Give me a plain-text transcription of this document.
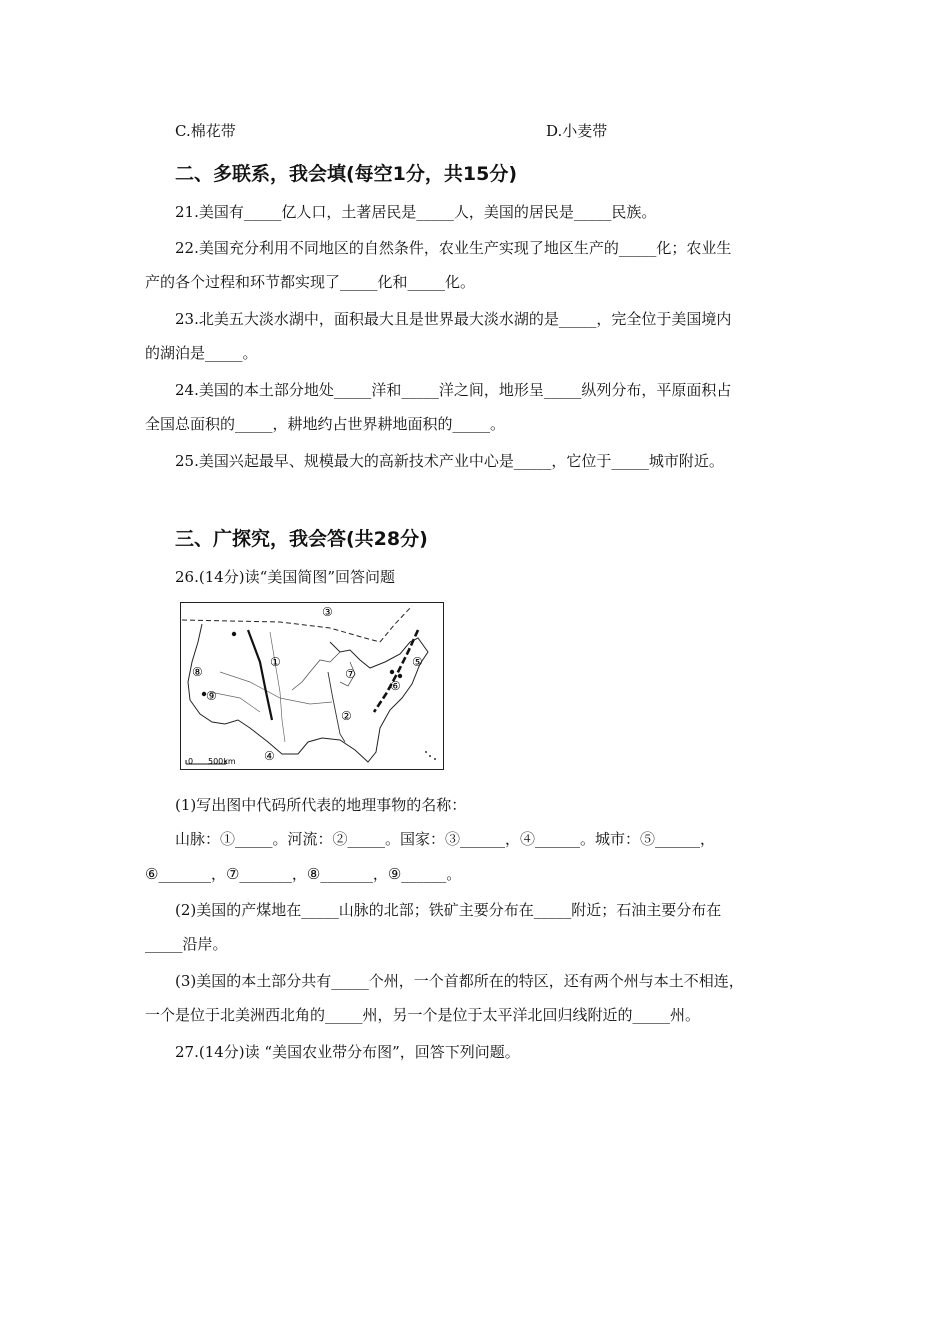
C.棉花带	D.小麦带
二、多联系，我会填(每空1分，共15分)
21.美国有_____亿人口，土著居民是_____人，美国的居民是_____民族。
22.美国充分利用不同地区的自然条件，农业生产实现了地区生产的_____化；农业生
产的各个过程和环节都实现了_____化和_____化。
23.北美五大淡水湖中，面积最大且是世界最大淡水湖的是_____，完全位于美国境内
的湖泊是_____。
24.美国的本土部分地处_____洋和_____洋之间，地形呈_____纵列分布，平原面积占
全国总面积的_____，耕地约占世界耕地面积的_____。
25.美国兴起最早、规模最大的高新技术产业中心是_____，它位于_____城市附近。
三、广探究，我会答(共28分)
26.(14分)读“美国简图”回答问题
0 500km
①
②
③
④
⑤
⑥
⑦
⑧
⑨
(1)写出图中代码所代表的地理事物的名称：
山脉：①_____。河流：②_____。国家：③______，④______。城市：⑤______，
⑥_______，⑦_______，⑧_______，⑨______。
(2)美国的产煤地在_____山脉的北部；铁矿主要分布在_____附近；石油主要分布在
_____沿岸。
(3)美国的本土部分共有_____个州，一个首都所在的特区，还有两个州与本土不相连，
一个是位于北美洲西北角的_____州，另一个是位于太平洋北回归线附近的_____州。
27.(14分)读 “美国农业带分布图”，回答下列问题。
